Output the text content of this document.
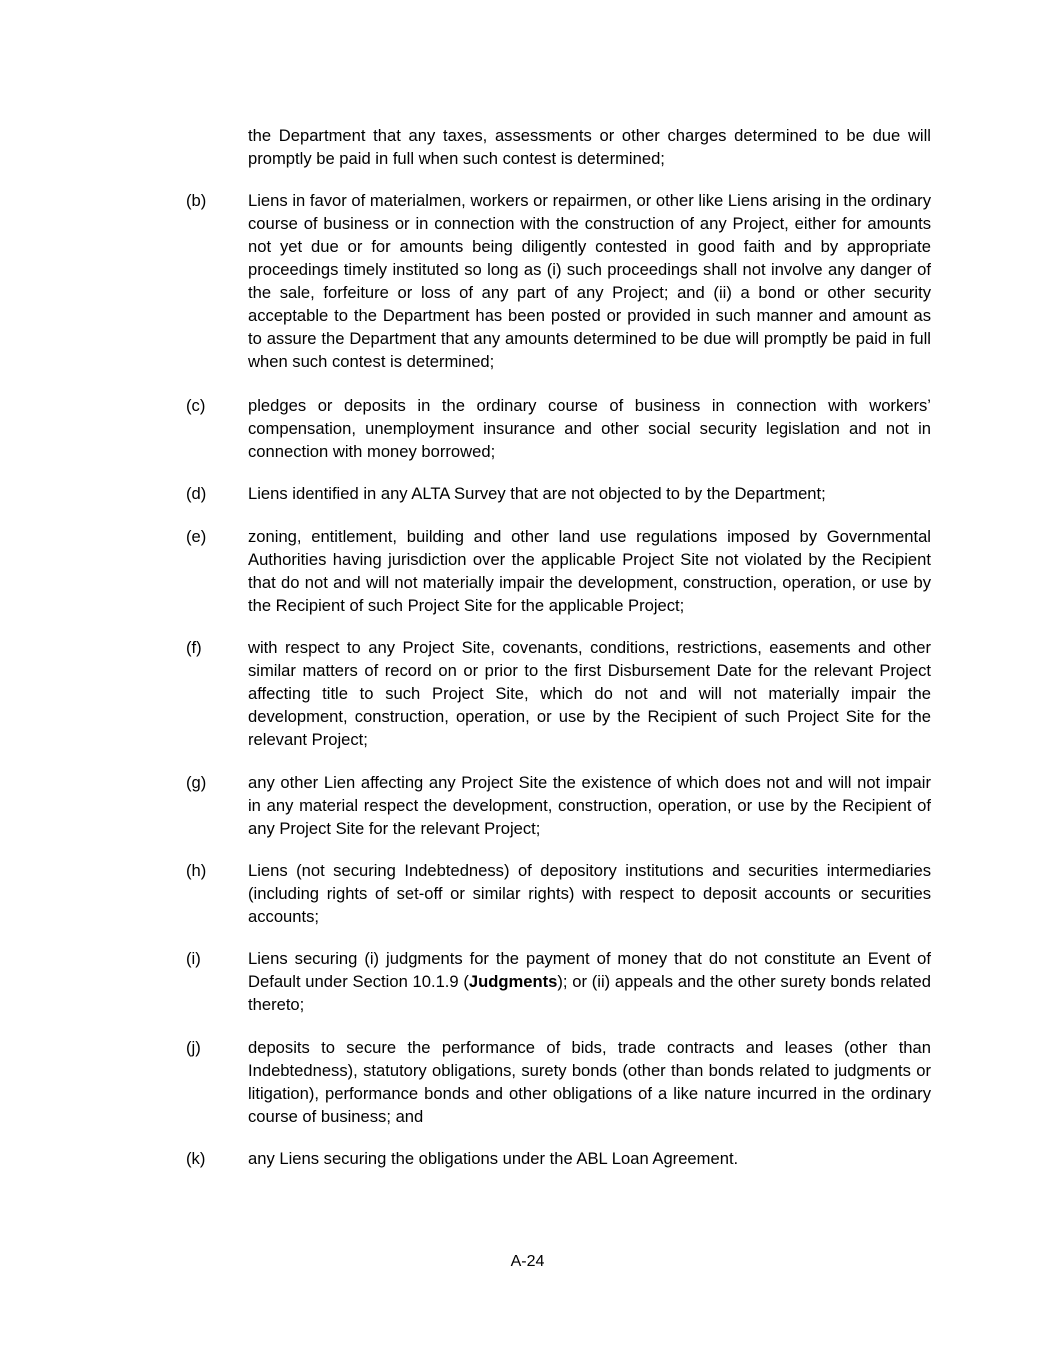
the Department that any taxes, assessments or other charges determined to be due will promptly be paid in full when such contest is determined;

(b)	Liens in favor of materialmen, workers or repairmen, or other like Liens arising in the ordinary course of business or in connection with the construction of any Project, either for amounts not yet due or for amounts being diligently contested in good faith and by appropriate proceedings timely instituted so long as (i) such proceedings shall not involve any danger of the sale, forfeiture or loss of any part of any Project; and (ii) a bond or other security acceptable to the Department has been posted or provided in such manner and amount as to assure the Department that any amounts determined to be due will promptly be paid in full when such contest is determined;

(c)	pledges or deposits in the ordinary course of business in connection with workers’ compensation, unemployment insurance and other social security legislation and not in connection with money borrowed;

(d)	Liens identified in any ALTA Survey that are not objected to by the Department;

(e)	zoning, entitlement, building and other land use regulations imposed by Governmental Authorities having jurisdiction over the applicable Project Site not violated by the Recipient that do not and will not materially impair the development, construction, operation, or use by the Recipient of such Project Site for the applicable Project;

(f)	with respect to any Project Site, covenants, conditions, restrictions, easements and other similar matters of record on or prior to the first Disbursement Date for the relevant Project affecting title to such Project Site, which do not and will not materially impair the development, construction, operation, or use by the Recipient of such Project Site for the relevant Project;

(g)	any other Lien affecting any Project Site the existence of which does not and will not impair in any material respect the development, construction, operation, or use by the Recipient of any Project Site for the relevant Project;

(h)	Liens (not securing Indebtedness) of depository institutions and securities intermediaries (including rights of set-off or similar rights) with respect to deposit accounts or securities accounts;

(i)	Liens securing (i) judgments for the payment of money that do not constitute an Event of Default under Section 10.1.9 (Judgments); or (ii) appeals and the other surety bonds related thereto;

(j)	deposits to secure the performance of bids, trade contracts and leases (other than Indebtedness), statutory obligations, surety bonds (other than bonds related to judgments or litigation), performance bonds and other obligations of a like nature incurred in the ordinary course of business; and

(k)	any Liens securing the obligations under the ABL Loan Agreement.

A-24
